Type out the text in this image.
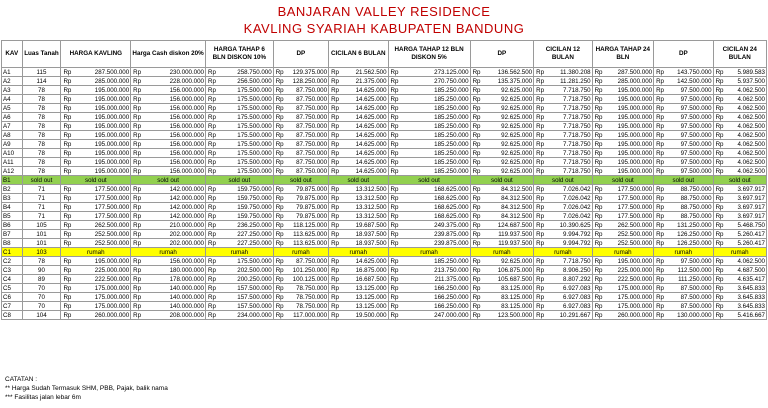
BANJARAN VALLEY RESIDENCE
KAVLING SYARIAH KABUPATEN BANDUNG
KAV	Luas Tanah	HARGA KAVLING	Harga Cash diskon 20%	HARGA TAHAP 6 BLN DISKON 10%	DP	CICILAN 6 BULAN	HARGA TAHAP 12 BLN DISKON 5%	DP	CICILAN 12 BULAN	HARGA TAHAP 24 BLN	DP	CICILAN 24 BULAN
A1	115	Rp 287.500.000	Rp 230.000.000	Rp 258.750.000	Rp 129.375.000	Rp 21.562.500	Rp 273.125.000	Rp 136.562.500	Rp 11.380.208	Rp 287.500.000	Rp 143.750.000	Rp 5.989.583

A2	114	Rp 285.000.000	Rp 228.000.000	Rp 256.500.000	Rp 128.250.000	Rp 21.375.000	Rp 270.750.000	Rp 135.375.000	Rp 11.281.250	Rp 285.000.000	Rp 142.500.000	Rp 5.937.500

A3	78	Rp 195.000.000	Rp 156.000.000	Rp 175.500.000	Rp 87.750.000	Rp 14.625.000	Rp 185.250.000	Rp 92.625.000	Rp 7.718.750	Rp 195.000.000	Rp 97.500.000	Rp 4.062.500

A4	78	Rp 195.000.000	Rp 156.000.000	Rp 175.500.000	Rp 87.750.000	Rp 14.625.000	Rp 185.250.000	Rp 92.625.000	Rp 7.718.750	Rp 195.000.000	Rp 97.500.000	Rp 4.062.500

A5	78	Rp 195.000.000	Rp 156.000.000	Rp 175.500.000	Rp 87.750.000	Rp 14.625.000	Rp 185.250.000	Rp 92.625.000	Rp 7.718.750	Rp 195.000.000	Rp 97.500.000	Rp 4.062.500

A6	78	Rp 195.000.000	Rp 156.000.000	Rp 175.500.000	Rp 87.750.000	Rp 14.625.000	Rp 185.250.000	Rp 92.625.000	Rp 7.718.750	Rp 195.000.000	Rp 97.500.000	Rp 4.062.500

A7	78	Rp 195.000.000	Rp 156.000.000	Rp 175.500.000	Rp 87.750.000	Rp 14.625.000	Rp 185.250.000	Rp 92.625.000	Rp 7.718.750	Rp 195.000.000	Rp 97.500.000	Rp 4.062.500

A8	78	Rp 195.000.000	Rp 156.000.000	Rp 175.500.000	Rp 87.750.000	Rp 14.625.000	Rp 185.250.000	Rp 92.625.000	Rp 7.718.750	Rp 195.000.000	Rp 97.500.000	Rp 4.062.500

A9	78	Rp 195.000.000	Rp 156.000.000	Rp 175.500.000	Rp 87.750.000	Rp 14.625.000	Rp 185.250.000	Rp 92.625.000	Rp 7.718.750	Rp 195.000.000	Rp 97.500.000	Rp 4.062.500

A10	78	Rp 195.000.000	Rp 156.000.000	Rp 175.500.000	Rp 87.750.000	Rp 14.625.000	Rp 185.250.000	Rp 92.625.000	Rp 7.718.750	Rp 195.000.000	Rp 97.500.000	Rp 4.062.500

A11	78	Rp 195.000.000	Rp 156.000.000	Rp 175.500.000	Rp 87.750.000	Rp 14.625.000	Rp 185.250.000	Rp 92.625.000	Rp 7.718.750	Rp 195.000.000	Rp 97.500.000	Rp 4.062.500

A12	78	Rp 195.000.000	Rp 156.000.000	Rp 175.500.000	Rp 87.750.000	Rp 14.625.000	Rp 185.250.000	Rp 92.625.000	Rp 7.718.750	Rp 195.000.000	Rp 97.500.000	Rp 4.062.500

B1	sold out	sold out	sold out	sold out	sold out	sold out	sold out	sold out	sold out	sold out	sold out	sold out
B2	71	Rp 177.500.000	Rp 142.000.000	Rp 159.750.000	Rp 79.875.000	Rp 13.312.500	Rp 168.625.000	Rp 84.312.500	Rp 7.026.042	Rp 177.500.000	Rp 88.750.000	Rp 3.697.917

B3	71	Rp 177.500.000	Rp 142.000.000	Rp 159.750.000	Rp 79.875.000	Rp 13.312.500	Rp 168.625.000	Rp 84.312.500	Rp 7.026.042	Rp 177.500.000	Rp 88.750.000	Rp 3.697.917

B4	71	Rp 177.500.000	Rp 142.000.000	Rp 159.750.000	Rp 79.875.000	Rp 13.312.500	Rp 168.625.000	Rp 84.312.500	Rp 7.026.042	Rp 177.500.000	Rp 88.750.000	Rp 3.697.917

B5	71	Rp 177.500.000	Rp 142.000.000	Rp 159.750.000	Rp 79.875.000	Rp 13.312.500	Rp 168.625.000	Rp 84.312.500	Rp 7.026.042	Rp 177.500.000	Rp 88.750.000	Rp 3.697.917

B6	105	Rp 262.500.000	Rp 210.000.000	Rp 236.250.000	Rp 118.125.000	Rp 19.687.500	Rp 249.375.000	Rp 124.687.500	Rp 10.390.625	Rp 262.500.000	Rp 131.250.000	Rp 5.468.750

B7	101	Rp 252.500.000	Rp 202.000.000	Rp 227.250.000	Rp 113.625.000	Rp 18.937.500	Rp 239.875.000	Rp 119.937.500	Rp 9.994.792	Rp 252.500.000	Rp 126.250.000	Rp 5.260.417

B8	101	Rp 252.500.000	Rp 202.000.000	Rp 227.250.000	Rp 113.625.000	Rp 18.937.500	Rp 239.875.000	Rp 119.937.500	Rp 9.994.792	Rp 252.500.000	Rp 126.250.000	Rp 5.260.417

C1	103	rumah	rumah	rumah	rumah	rumah	rumah	rumah	rumah	rumah	rumah	rumah
C2	78	Rp 195.000.000	Rp 156.000.000	Rp 175.500.000	Rp 87.750.000	Rp 14.625.000	Rp 185.250.000	Rp 92.625.000	Rp 7.718.750	Rp 195.000.000	Rp 97.500.000	Rp 4.062.500

C3	90	Rp 225.000.000	Rp 180.000.000	Rp 202.500.000	Rp 101.250.000	Rp 16.875.000	Rp 213.750.000	Rp 106.875.000	Rp 8.906.250	Rp 225.000.000	Rp 112.500.000	Rp 4.687.500

C4	89	Rp 222.500.000	Rp 178.000.000	Rp 200.250.000	Rp 100.125.000	Rp 16.687.500	Rp 211.375.000	Rp 105.687.500	Rp 8.807.292	Rp 222.500.000	Rp 111.250.000	Rp 4.635.417

C5	70	Rp 175.000.000	Rp 140.000.000	Rp 157.500.000	Rp 78.750.000	Rp 13.125.000	Rp 166.250.000	Rp 83.125.000	Rp 6.927.083	Rp 175.000.000	Rp 87.500.000	Rp 3.645.833

C6	70	Rp 175.000.000	Rp 140.000.000	Rp 157.500.000	Rp 78.750.000	Rp 13.125.000	Rp 166.250.000	Rp 83.125.000	Rp 6.927.083	Rp 175.000.000	Rp 87.500.000	Rp 3.645.833

C7	70	Rp 175.000.000	Rp 140.000.000	Rp 157.500.000	Rp 78.750.000	Rp 13.125.000	Rp 166.250.000	Rp 83.125.000	Rp 6.927.083	Rp 175.000.000	Rp 87.500.000	Rp 3.645.833

C8	104	Rp 260.000.000	Rp 208.000.000	Rp 234.000.000	Rp 117.000.000	Rp 19.500.000	Rp 247.000.000	Rp 123.500.000	Rp 10.291.667	Rp 260.000.000	Rp 130.000.000	Rp 5.416.667
CATATAN :
** Harga Sudah Termasuk SHM, PBB, Pajak, balik nama
*** Fasilitas jalan lebar 6m
